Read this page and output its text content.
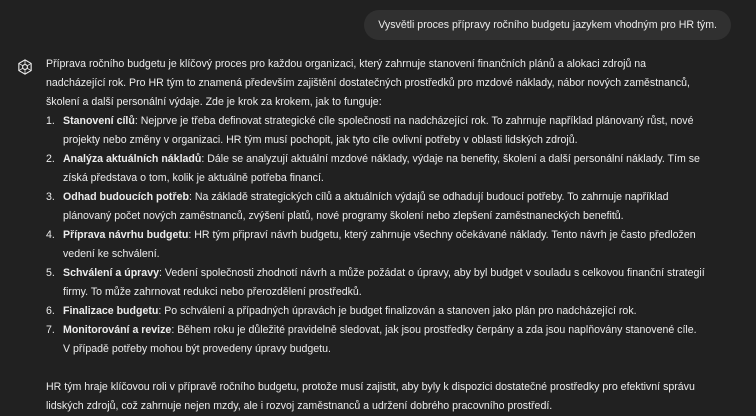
Vysvětli proces přípravy ročního budgetu jazykem vhodným pro HR tým.

Příprava ročního budgetu je klíčový proces pro každou organizaci, který zahrnuje stanovení finančních plánů a alokaci zdrojů na nadcházející rok. Pro HR tým to znamená především zajištění dostatečných prostředků pro mzdové náklady, nábor nových zaměstnanců, školení a další personální výdaje. Zde je krok za krokem, jak to funguje:

1. Stanovení cílů: Nejprve je třeba definovat strategické cíle společnosti na nadcházející rok. To zahrnuje například plánovaný růst, nové projekty nebo změny v organizaci. HR tým musí pochopit, jak tyto cíle ovlivní potřeby v oblasti lidských zdrojů.
2. Analýza aktuálních nákladů: Dále se analyzují aktuální mzdové náklady, výdaje na benefity, školení a další personální náklady. Tím se získá představa o tom, kolik je aktuálně potřeba financí.
3. Odhad budoucích potřeb: Na základě strategických cílů a aktuálních výdajů se odhadují budoucí potřeby. To zahrnuje například plánovaný počet nových zaměstnanců, zvýšení platů, nové programy školení nebo zlepšení zaměstnaneckých benefitů.
4. Příprava návrhu budgetu: HR tým připraví návrh budgetu, který zahrnuje všechny očekávané náklady. Tento návrh je často předložen vedení ke schválení.
5. Schválení a úpravy: Vedení společnosti zhodnotí návrh a může požádat o úpravy, aby byl budget v souladu s celkovou finanční strategií firmy. To může zahrnovat redukci nebo přerozdělení prostředků.
6. Finalizace budgetu: Po schválení a případných úpravách je budget finalizován a stanoven jako plán pro nadcházející rok.
7. Monitorování a revize: Během roku je důležité pravidelně sledovat, jak jsou prostředky čerpány a zda jsou naplňovány stanovené cíle. V případě potřeby mohou být provedeny úpravy budgetu.

HR tým hraje klíčovou roli v přípravě ročního budgetu, protože musí zajistit, aby byly k dispozici dostatečné prostředky pro efektivní správu lidských zdrojů, což zahrnuje nejen mzdy, ale i rozvoj zaměstnanců a udržení dobrého pracovního prostředí.
